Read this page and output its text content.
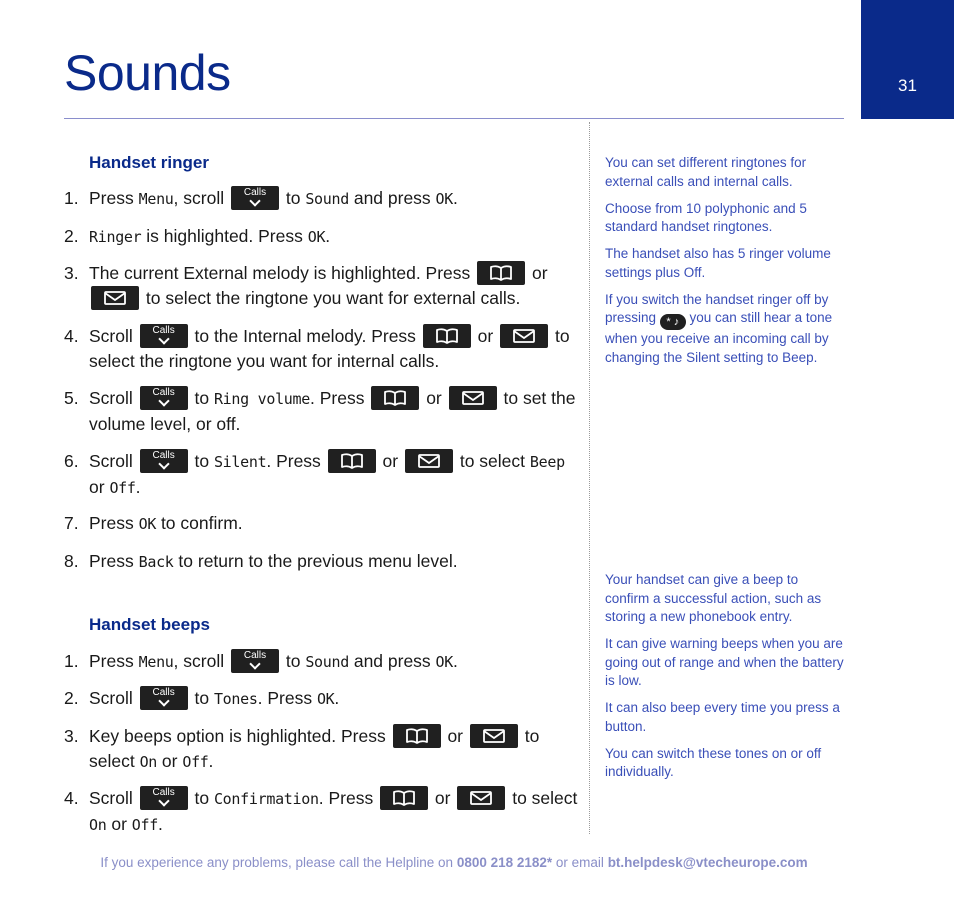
31
Sounds
Handset ringer
1. Press Menu, scroll	Calls to Sound and press OK.
2. Ringer is highlighted. Press OK.
3. The current External melody is highlighted. Press	or
to select the ringtone you want for external calls.
4. Scroll	Calls to the Internal melody. Press	or	to select the ringtone you want for internal calls.
5. Scroll	Calls to Ring volume. Press	or	to set the volume level, or off.
6. Scroll	Calls to Silent. Press	or	to select Beep or Off.
7. Press OK to confirm.
8. Press Back to return to the previous menu level.
Handset beeps
1. Press Menu, scroll	Calls to Sound and press OK.
2. Scroll	Calls to Tones. Press OK.
3. Key beeps option is highlighted. Press	or	to select On or Off.
4. Scroll	Calls to Confirmation. Press	or	to select On or Off.

You can set different ringtones for external calls and internal calls.

Choose from 10 polyphonic and 5 standard handset ringtones.

The handset also has 5 ringer volume settings plus Off.

If you switch the handset ringer off by pressing * ♪ you can still hear a tone when you receive an incoming call by changing the Silent setting to Beep.

Your handset can give a beep to confirm a successful action, such as storing a new phonebook entry.

It can give warning beeps when you are going out of range and when the battery is low.

It can also beep every time you press a button.

You can switch these tones on or off individually.

If you experience any problems, please call the Helpline on 0800 218 2182* or email bt.helpdesk@vtecheurope.com
